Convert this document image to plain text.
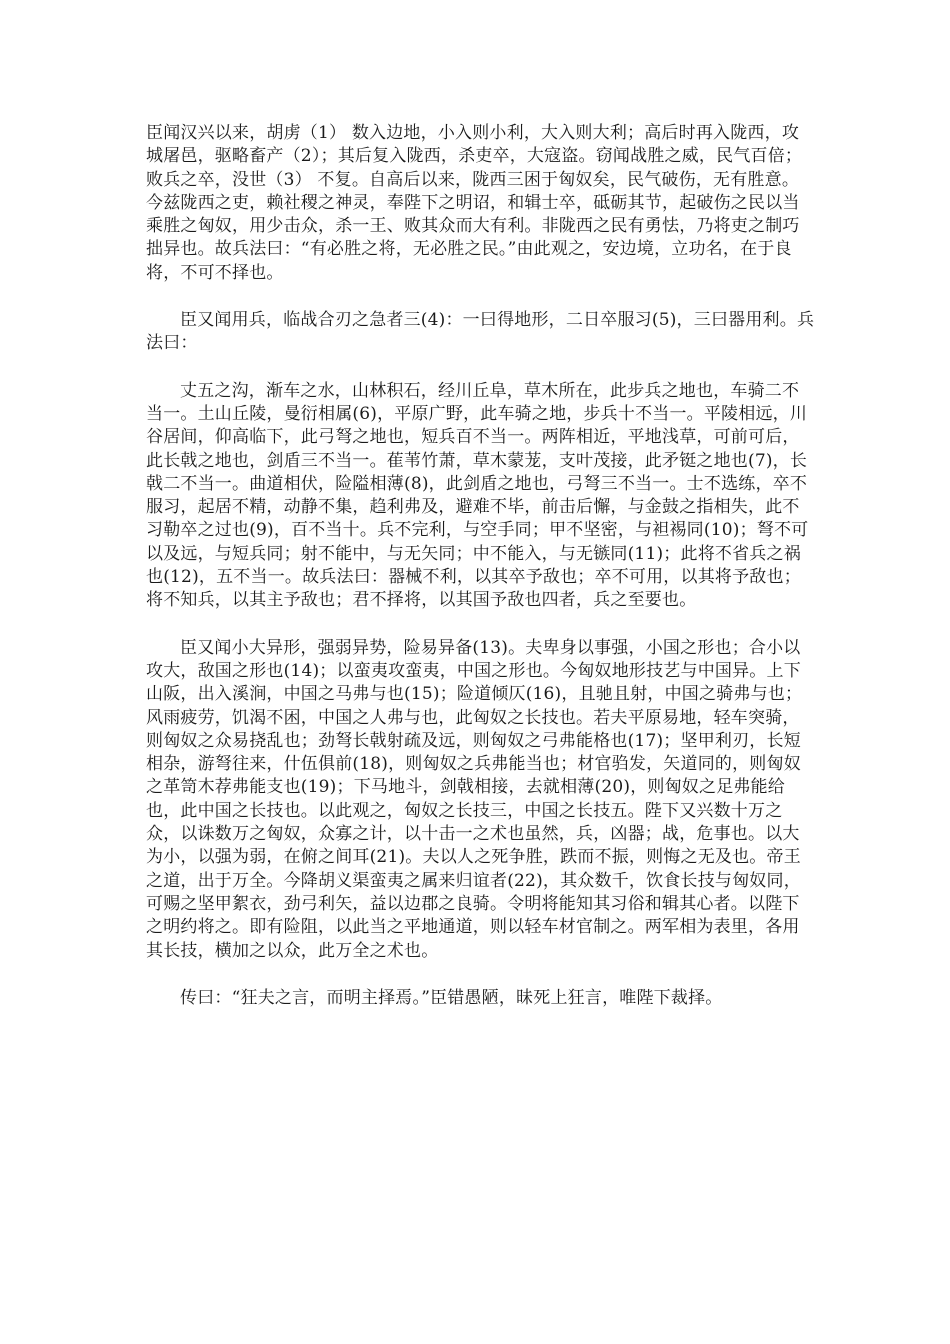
臣闻汉兴以来，胡虏（1） 数入边地，小入则小利，大入则大利；高后时再入陇西，攻城屠邑，驱略畜产（2）；其后复入陇西，杀吏卒，大寇盗。窃闻战胜之威，民气百倍；败兵之卒，没世（3） 不复。自高后以来，陇西三困于匈奴矣，民气破伤，无有胜意。今兹陇西之吏，赖社稷之神灵，奉陛下之明诏，和辑士卒，砥砺其节，起破伤之民以当乘胜之匈奴，用少击众，杀一王、败其众而大有利。非陇西之民有勇怯，乃将吏之制巧拙异也。故兵法曰：“有必胜之将，无必胜之民。”由此观之，安边境，立功名，在于良将，不可不择也。

臣又闻用兵，临战合刃之急者三(4)：一曰得地形，二日卒服习(5)，三曰器用利。兵法曰：

丈五之沟，渐车之水，山林积石，经川丘阜，草木所在，此步兵之地也，车骑二不当一。土山丘陵，曼衍相属(6)，平原广野，此车骑之地，步兵十不当一。平陵相远，川谷居间，仰高临下，此弓弩之地也，短兵百不当一。两阵相近，平地浅草，可前可后，此长戟之地也，剑盾三不当一。萑苇竹萧，草木蒙茏，支叶茂接，此矛铤之地也(7)，长戟二不当一。曲道相伏，险隘相薄(8)，此剑盾之地也，弓弩三不当一。士不选练，卒不服习，起居不精，动静不集，趋利弗及，避难不毕，前击后懈，与金鼓之指相失，此不习勒卒之过也(9)，百不当十。兵不完利，与空手同；甲不坚密，与袒裼同(10)；弩不可以及远，与短兵同；射不能中，与无矢同；中不能入，与无镞同(11)；此将不省兵之祸也(12)，五不当一。故兵法曰：器械不利，以其卒予敌也；卒不可用，以其将予敌也；将不知兵，以其主予敌也；君不择将，以其国予敌也四者，兵之至要也。

臣又闻小大异形，强弱异势，险易异备(13)。夫卑身以事强，小国之形也；合小以攻大，敌国之形也(14)；以蛮夷攻蛮夷，中国之形也。今匈奴地形技艺与中国异。上下山阪，出入溪涧，中国之马弗与也(15)；险道倾仄(16)，且驰且射，中国之骑弗与也；风雨疲劳，饥渴不困，中国之人弗与也，此匈奴之长技也。若夫平原易地，轻车突骑，则匈奴之众易挠乱也；劲弩长戟射疏及远，则匈奴之弓弗能格也(17)；坚甲利刃，长短相杂，游弩往来，什伍俱前(18)，则匈奴之兵弗能当也；材官驺发，矢道同的，则匈奴之革笥木荐弗能支也(19)；下马地斗，剑戟相接，去就相薄(20)，则匈奴之足弗能给也，此中国之长技也。以此观之，匈奴之长技三，中国之长技五。陛下又兴数十万之众，以诛数万之匈奴，众寡之计，以十击一之术也虽然，兵，凶器；战，危事也。以大为小，以强为弱，在俯之间耳(21)。夫以人之死争胜，跌而不振，则悔之无及也。帝王之道，出于万全。今降胡义渠蛮夷之属来归谊者(22)，其众数千，饮食长技与匈奴同，可赐之坚甲絮衣，劲弓利矢，益以边郡之良骑。令明将能知其习俗和辑其心者。以陛下之明约将之。即有险阻，以此当之平地通道，则以轻车材官制之。两军相为表里，各用其长技，横加之以众，此万全之术也。

传曰：“狂夫之言，而明主择焉。”臣错愚陋，昧死上狂言，唯陛下裁择。
